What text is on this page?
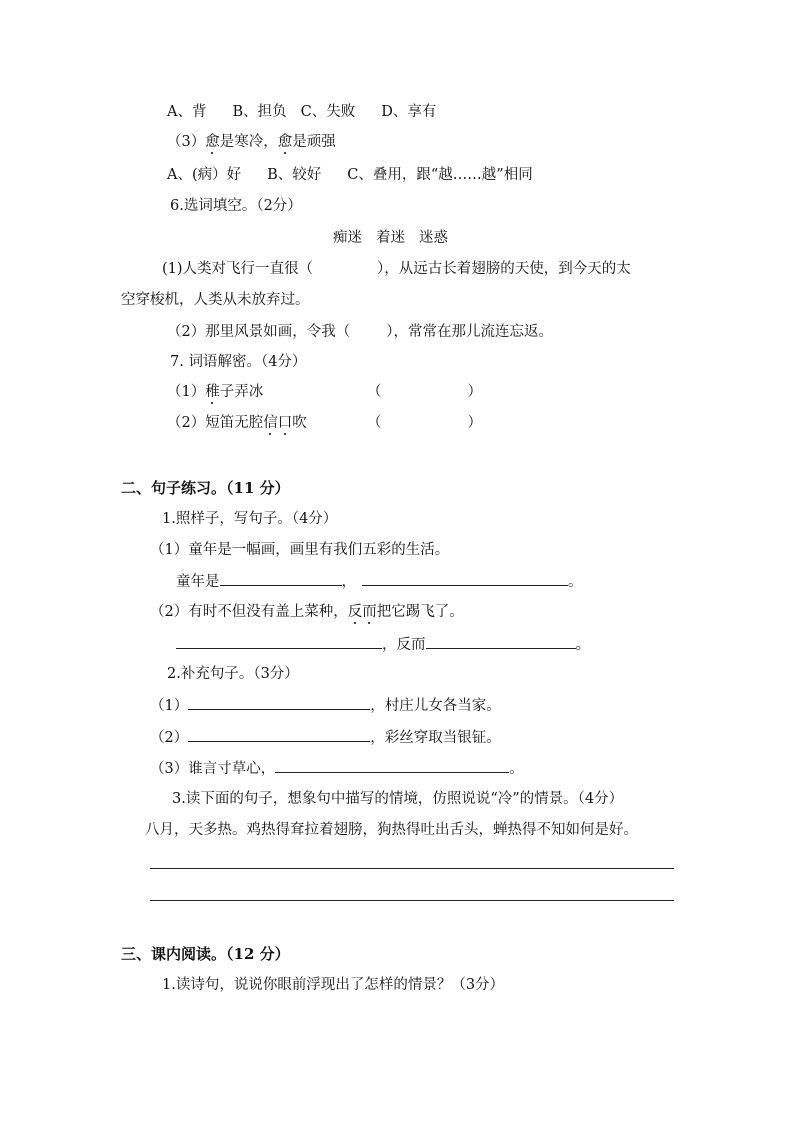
A、背 B、担负 C、失败 D、享有
（3）愈是寒冷，愈是顽强
A、(病）好 B、较好 C、叠用，跟“越……越”相同
6.选词填空。（2分）
痴迷 着迷 迷惑
(1)人类对飞行一直很（	），从远古长着翅膀的天使，到今天的太
空穿梭机，人类从未放弃过。
（2）那里风景如画，令我（ ），常常在那儿流连忘返。
7. 词语解密。（4分）
（1）稚子弄冰	（	）
（2）短笛无腔信口吹	（	）
二、句子练习。（11 分）
1.照样子，写句子。（4分）
（1）童年是一幅画，画里有我们五彩的生活。
童年是	，	。
（2）有时不但没有盖上菜种，反而把它踢飞了。
，反而	。
2.补充句子。（3分）
（1）	，村庄儿女各当家。
（2）	，彩丝穿取当银钲。
（3）谁言寸草心，	。
3.读下面的句子，想象句中描写的情境，仿照说说“冷”的情景。（4分）
八月，天多热。鸡热得耷拉着翅膀，狗热得吐出舌头，蝉热得不知如何是好。
三、课内阅读。（12 分）
1.读诗句，说说你眼前浮现出了怎样的情景？（3分）
